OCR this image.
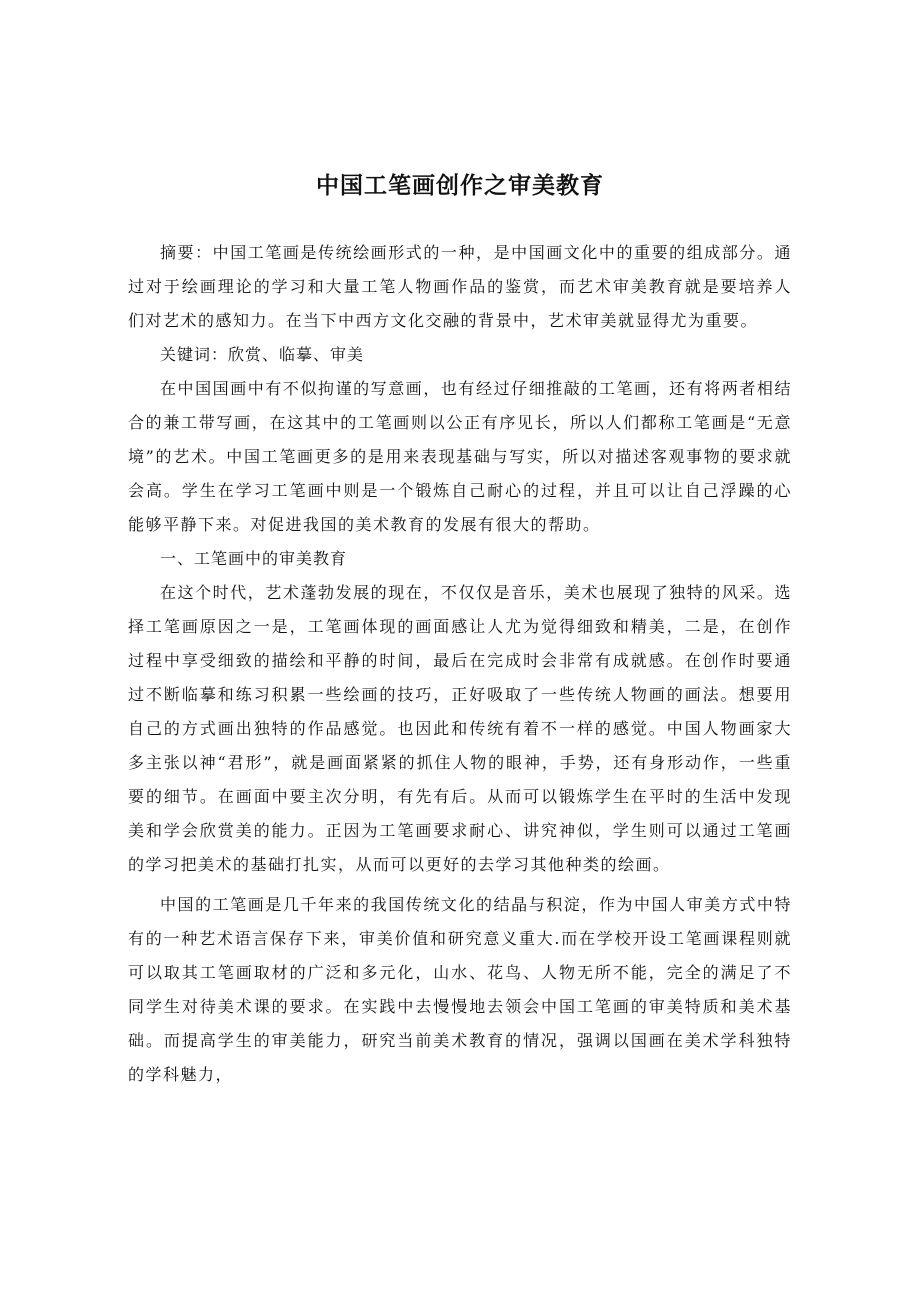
中国工笔画创作之审美教育

摘要：中国工笔画是传统绘画形式的一种，是中国画文化中的重要的组成部分。通过对于绘画理论的学习和大量工笔人物画作品的鉴赏，而艺术审美教育就是要培养人们对艺术的感知力。在当下中西方文化交融的背景中，艺术审美就显得尤为重要。

关键词：欣赏、临摹、审美

在中国国画中有不似拘谨的写意画，也有经过仔细推敲的工笔画，还有将两者相结合的兼工带写画，在这其中的工笔画则以公正有序见长，所以人们都称工笔画是“无意境”的艺术。中国工笔画更多的是用来表现基础与写实，所以对描述客观事物的要求就会高。学生在学习工笔画中则是一个锻炼自己耐心的过程，并且可以让自己浮躁的心能够平静下来。对促进我国的美术教育的发展有很大的帮助。

一、工笔画中的审美教育

在这个时代，艺术蓬勃发展的现在，不仅仅是音乐，美术也展现了独特的风采。选择工笔画原因之一是，工笔画体现的画面感让人尤为觉得细致和精美，二是，在创作过程中享受细致的描绘和平静的时间，最后在完成时会非常有成就感。在创作时要通过不断临摹和练习积累一些绘画的技巧，正好吸取了一些传统人物画的画法。想要用自己的方式画出独特的作品感觉。也因此和传统有着不一样的感觉。中国人物画家大多主张以神“君形”，就是画面紧紧的抓住人物的眼神，手势，还有身形动作，一些重要的细节。在画面中要主次分明，有先有后。从而可以锻炼学生在平时的生活中发现美和学会欣赏美的能力。正因为工笔画要求耐心、讲究神似，学生则可以通过工笔画的学习把美术的基础打扎实，从而可以更好的去学习其他种类的绘画。

中国的工笔画是几千年来的我国传统文化的结晶与积淀，作为中国人审美方式中特有的一种艺术语言保存下来，审美价值和研究意义重大.而在学校开设工笔画课程则就可以取其工笔画取材的广泛和多元化，山水、花鸟、人物无所不能，完全的满足了不同学生对待美术课的要求。在实践中去慢慢地去领会中国工笔画的审美特质和美术基础。而提高学生的审美能力，研究当前美术教育的情况，强调以国画在美术学科独特的学科魅力，
